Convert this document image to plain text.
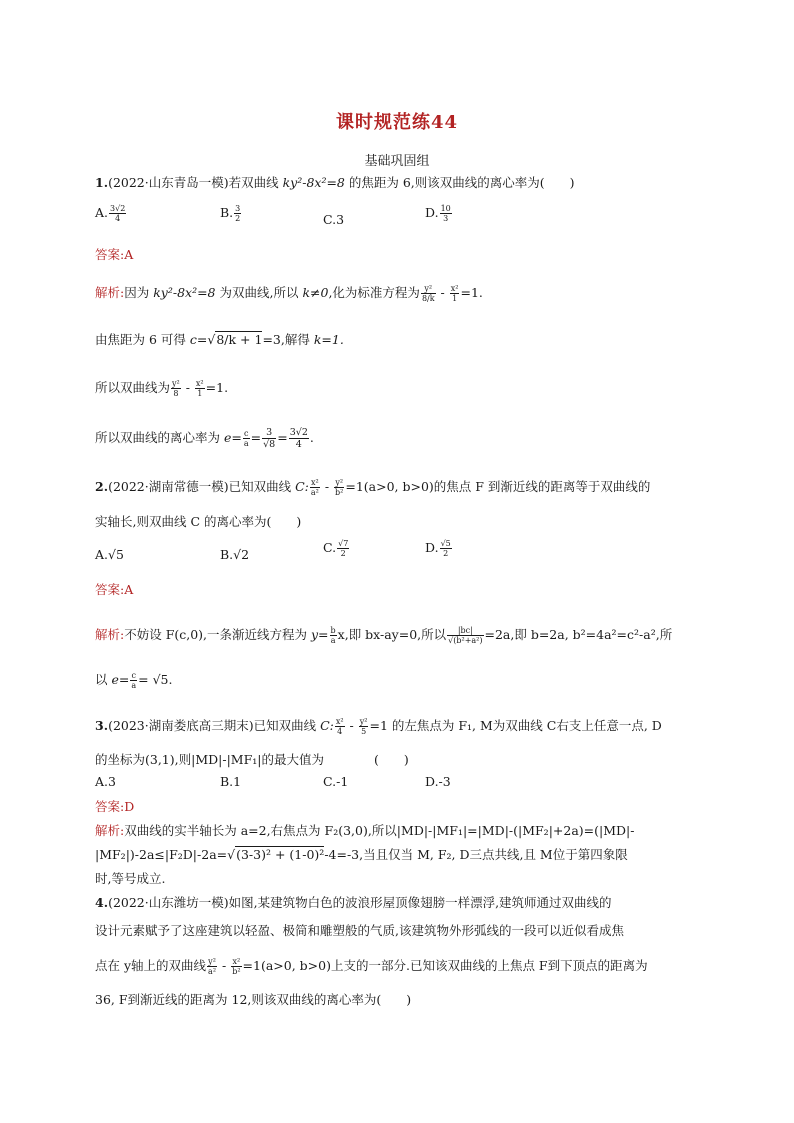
课时规范练44
基础巩固组
1.(2022·山东青岛一模)若双曲线 ky²-8x²=8 的焦距为 6,则该双曲线的离心率为(　　)
A. $\frac{3√2}{4}$	B. $\frac{3}{2}$	C.3	D. $\frac{10}{3}$
答案:A
解析:因为 ky²-8x²=8 为双曲线,所以 k≠0,化为标准方程为 $\frac{\text{y²}}{8/k} - \frac{\text{x²}}{1} =1$.
由焦距为 6 可得 c=√8/k + 1=3,解得 k=1.
所以双曲线为 $\frac{\text{y²}}{8} - \frac{\text{x²}}{1} =1$.
所以双曲线的离心率为 $e= \frac{c}{a} = \frac{3}{√8} = \frac{3√2}{4}$ .
2.(2022·湖南常德一模)已知双曲线 C: $\frac{\text{x²}}{\text{a²}} - \frac{\text{y²}}{\text{b²}} =1(a>0$, b>0)的焦点 F 到渐近线的距离等于双曲线的
实轴长,则双曲线 C 的离心率为(　　)
A.√5	B.√2	C. $\frac{√7}{2}$	D. $\frac{√5}{2}$
答案:A
解析:不妨设 F(c,0),一条渐近线方程为 $y= \frac{b}{a} x$,即 bx-ay=0,所以 $\frac{|bc|}{\text{√(b²+a²)}} =2a$,即 b=2a, b²=4a²=c²-a²,所
以 $e= \frac{c}{a} = √5$.
3.(2023·湖南娄底高三期末)已知双曲线 C: $\frac{\text{x²}}{4} - \frac{\text{y²}}{5} =1$ 的左焦点为 F₁, M为双曲线 C右支上任意一点, D
的坐标为(3,1),则|MD|-|MF₁|的最大值为　　　　(　　)
A.3	B.1	C.-1	D.-3
答案:D
解析:双曲线的实半轴长为 a=2,右焦点为 F₂(3,0),所以|MD|-|MF₁|=|MD|-(|MF₂|+2a)=(|MD|-
|MF₂|)-2a≤|F₂D|-2a=√(3-3)² + (1-0)²-4=-3,当且仅当 M, F₂, D三点共线,且 M位于第四象限
时,等号成立.
4.(2022·山东潍坊一模)如图,某建筑物白色的波浪形屋顶像翅膀一样漂浮,建筑师通过双曲线的
设计元素赋予了这座建筑以轻盈、极简和雕塑般的气质,该建筑物外形弧线的一段可以近似看成焦
点在 y轴上的双曲线 $\frac{\text{y²}}{\text{a²}} - \frac{\text{x²}}{\text{b²}} =1(a>0$, b>0)上支的一部分.已知该双曲线的上焦点 F到下顶点的距离为
36, F到渐近线的距离为 12,则该双曲线的离心率为(　　)
